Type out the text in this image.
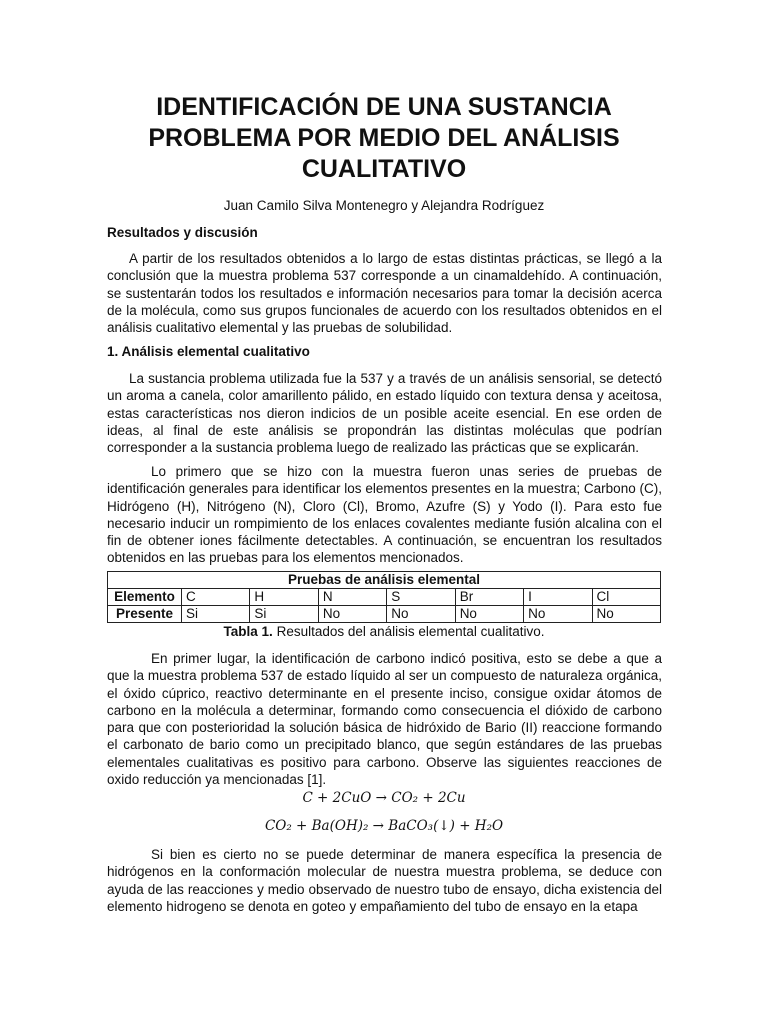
IDENTIFICACIÓN DE UNA SUSTANCIA PROBLEMA POR MEDIO DEL ANÁLISIS CUALITATIVO
Juan Camilo Silva Montenegro y Alejandra Rodríguez
Resultados y discusión

A partir de los resultados obtenidos a lo largo de estas distintas prácticas, se llegó a la conclusión que la muestra problema 537 corresponde a un cinamaldehído. A continuación, se sustentarán todos los resultados e información necesarios para tomar la decisión acerca de la molécula, como sus grupos funcionales de acuerdo con los resultados obtenidos en el análisis cualitativo elemental y las pruebas de solubilidad.

1. Análisis elemental cualitativo

La sustancia problema utilizada fue la 537 y a través de un análisis sensorial, se detectó un aroma a canela, color amarillento pálido, en estado líquido con textura densa y aceitosa, estas características nos dieron indicios de un posible aceite esencial. En ese orden de ideas, al final de este análisis se propondrán las distintas moléculas que podrían corresponder a la sustancia problema luego de realizado las prácticas que se explicarán.

Lo primero que se hizo con la muestra fueron unas series de pruebas de identificación generales para identificar los elementos presentes en la muestra; Carbono (C), Hidrógeno (H), Nitrógeno (N), Cloro (Cl), Bromo, Azufre (S) y Yodo (I). Para esto fue necesario inducir un rompimiento de los enlaces covalentes mediante fusión alcalina con el fin de obtener iones fácilmente detectables. A continuación, se encuentran los resultados obtenidos en las pruebas para los elementos mencionados.

Pruebas de análisis elemental							
Elemento	C	H	N	S	Br	I	Cl
Presente	Si	Si	No	No	No	No	No
Tabla 1. Resultados del análisis elemental cualitativo.

En primer lugar, la identificación de carbono indicó positiva, esto se debe a que a que la muestra problema 537 de estado líquido al ser un compuesto de naturaleza orgánica, el óxido cúprico, reactivo determinante en el presente inciso, consigue oxidar átomos de carbono en la molécula a determinar, formando como consecuencia el dióxido de carbono para que con posterioridad la solución básica de hidróxido de Bario (II) reaccione formando el carbonato de bario como un precipitado blanco, que según estándares de las pruebas elementales cualitativas es positivo para carbono. Observe las siguientes reacciones de oxido reducción ya mencionadas [1].

C + 2CuO → CO₂ + 2Cu
CO₂ + Ba(OH)₂ → BaCO₃(↓) + H₂O

Si bien es cierto no se puede determinar de manera específica la presencia de hidrógenos en la conformación molecular de nuestra muestra problema, se deduce con ayuda de las reacciones y medio observado de nuestro tubo de ensayo, dicha existencia del elemento hidrogeno se denota en goteo y empañamiento del tubo de ensayo en la etapa
